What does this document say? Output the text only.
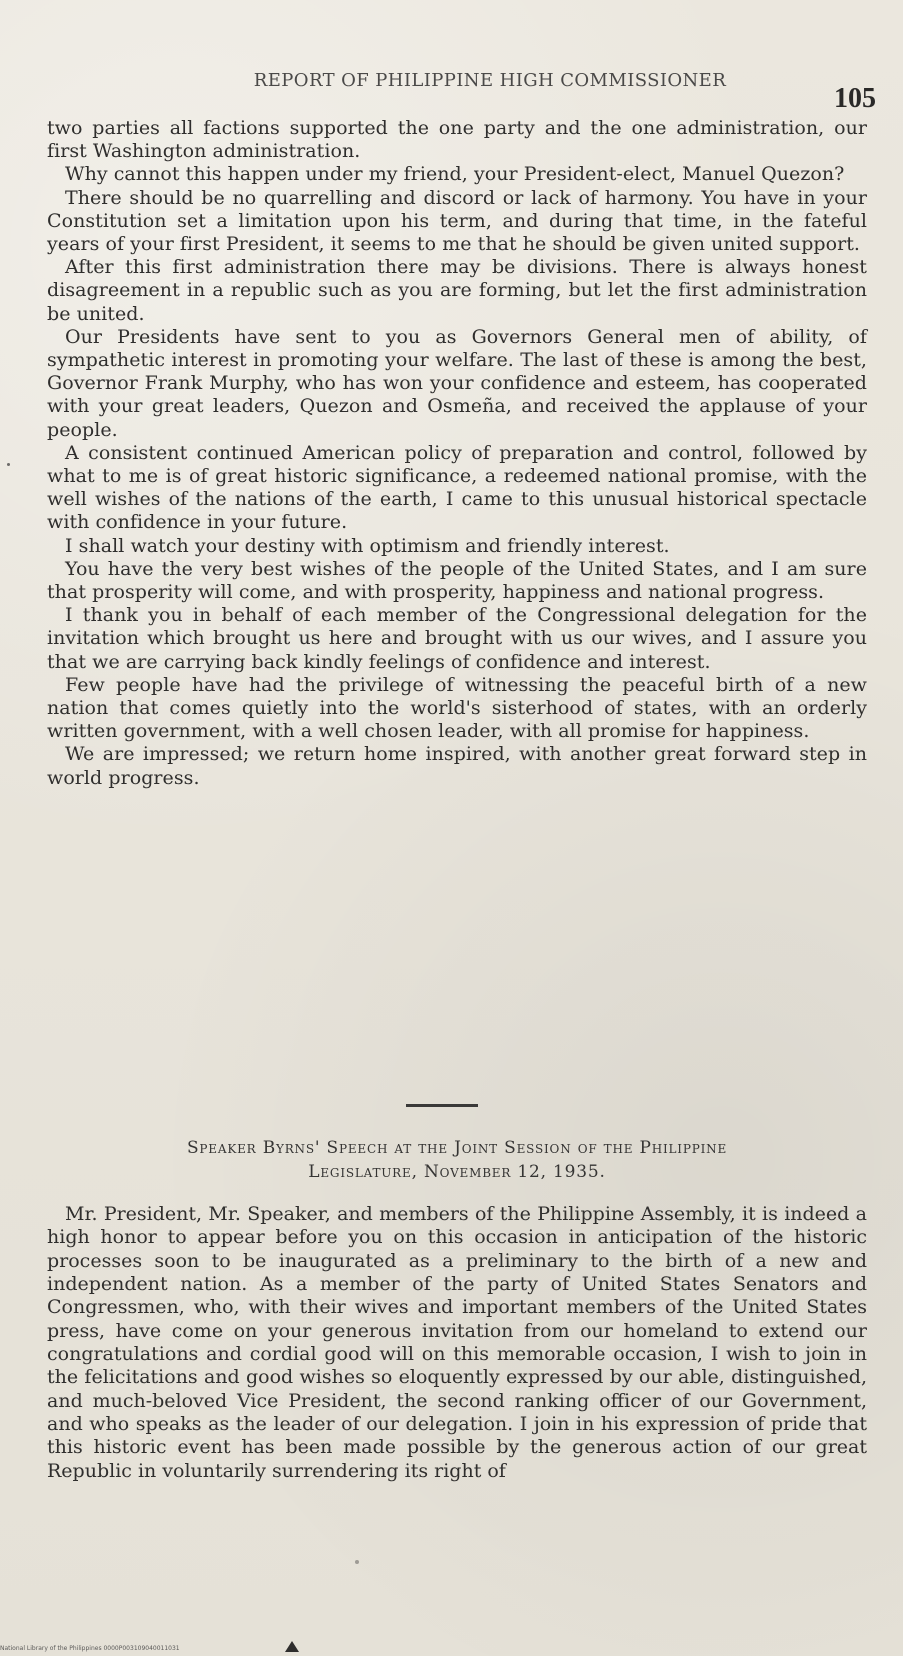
REPORT OF PHILIPPINE HIGH COMMISSIONER
105

two parties all factions supported the one party and the one administration, our first Washington administration.

Why cannot this happen under my friend, your President-elect, Manuel Quezon?

There should be no quarrelling and discord or lack of harmony. You have in your Constitution set a limitation upon his term, and during that time, in the fateful years of your first President, it seems to me that he should be given united support.

After this first administration there may be divisions. There is always honest disagreement in a republic such as you are forming, but let the first administration be united.

Our Presidents have sent to you as Governors General men of ability, of sympathetic interest in promoting your welfare. The last of these is among the best, Governor Frank Murphy, who has won your confidence and esteem, has cooperated with your great leaders, Quezon and Osmeña, and received the applause of your people.

A consistent continued American policy of preparation and control, followed by what to me is of great historic significance, a redeemed national promise, with the well wishes of the nations of the earth, I came to this unusual historical spectacle with confidence in your future.

I shall watch your destiny with optimism and friendly interest.

You have the very best wishes of the people of the United States, and I am sure that prosperity will come, and with prosperity, happiness and national progress.

I thank you in behalf of each member of the Congressional delegation for the invitation which brought us here and brought with us our wives, and I assure you that we are carrying back kindly feelings of confidence and interest.

Few people have had the privilege of witnessing the peaceful birth of a new nation that comes quietly into the world's sisterhood of states, with an orderly written government, with a well chosen leader, with all promise for happiness.

We are impressed; we return home inspired, with another great forward step in world progress.

Speaker Byrns' Speech at the Joint Session of the Philippine
Legislature, November 12, 1935.

Mr. President, Mr. Speaker, and members of the Philippine Assembly, it is indeed a high honor to appear before you on this occasion in anticipation of the historic processes soon to be inaugurated as a preliminary to the birth of a new and independent nation. As a member of the party of United States Senators and Congressmen, who, with their wives and important members of the United States press, have come on your generous invitation from our homeland to extend our congratulations and cordial good will on this memorable occasion, I wish to join in the felicitations and good wishes so eloquently expressed by our able, distinguished, and much-beloved Vice President, the second ranking officer of our Government, and who speaks as the leader of our delegation. I join in his expression of pride that this historic event has been made possible by the generous action of our great Republic in voluntarily surrendering its right of

National Library of the Philippines 0000P003109040011031
